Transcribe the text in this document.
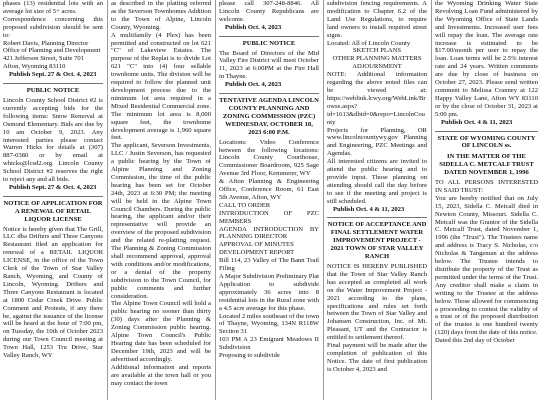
phases (13) residential lots with an average lot size of 5+ acres.

Correspondence concerning this proposed subdivision should be sent to:

Robert Davis, Planning Director

Office of Planning and Development

421 Jefferson Street, Suite 701

Afton, Wyoming 83110

Publish Sept. 27 & Oct. 4, 2023

PUBLIC NOTICE

Lincoln County School District #2 is currently accepting bids for the following items: Snow Removal at Osmond Elementary. Bids are due by 10 am October 9, 2023. Any interested parties please contact Warren Hicks for details at (307) 887-0380 or by email at whicks@lcsd2.org. Lincoln County School District #2 reserves the right to reject any and all bids.

Publish Sept. 27 & Oct. 4, 2023

NOTICE OF APPLICATION FOR A RENEWAL OF RETAIL LIQUOR LICENSE

Notice is hereby given that The Grill, LLC dba Drifters and Three Canyons Restaurant filed an application for renewal of a RETAIL LIQUOR LICENSE, in the office of the Town Clerk of the Town of Star Valley Ranch, Wyoming, and County of Lincoln, Wyoming. Drifters and Three Canyons Restaurant is located at 1800 Cedar Creek Drive. Public Comment and Protests, if any there be, against the issuance of the license will be heard at the hour of 7:00 pm, on Tuesday, the 10th of October 2023 during our Town Council meeting at Town Hall, 1253 Tru Drive, Star Valley Ranch, WY

as described in the platting referred as the Severson Townhomes Addition to the Town of Alpine, Lincoln County, Wyoming.

A multifamily (4 Plex) has been permitted and constructed on lot 621 "C" of Lakeview Estates. The purpose of the Replat is to divide Lot 621 "C" into (4) four sellable townhome units. The division will be required to follow the planned unit development process due to the minimum lot area required in a Mixed Residential Commercial zone. The minimum lot area is 8,000 square feet, the townhome development average is 1,960 square feet.

The applicant, Severson Investments, LLC / Justin Severson, has requested a public hearing by the Town of Alpine Planning and Zoning Commission, the time of the public hearing has been set for October 24th, 2023 at 6:30 PM; the meeting will be held in the Alpine Town Council Chambers. During the public hearing, the applicant and/or their representative will provide an overview of the proposed subdivision and the related re-platting request. The Planning & Zoning Commission shall recommend approval, approval with conditions and/or modifications, or a denial of the property subdivision to the Town Council, for public comments and further consideration.

The Alpine Town Council will hold a public hearing no sooner than thirty (30) days after the Planning & Zoning Commission public hearing. Alpine Town Council's Public Hearing date has been scheduled for December 19th, 2023 and will be advertised accordingly.

Additional information and reports are available at the town hall or you may contact the town

please call 307-248-8846. All Lincoln County Republicans are welcome.

Publish Oct. 4, 2023

PUBLIC NOTICE

The Board of Directors of the Mid Valley Fire District will meet October 11, 2023 at 6:00PM at the Fire Hall in Thayne.

Publish Oct. 4, 2023

TENTATIVE AGENDA LINCOLN COUNTY PLANNING AND ZONING COMMISSION (PZC) WEDNESDAY, OCTOBER 18, 2023 6:00 P.M.

Locations: Video Conference between the following locations: Lincoln County Courthouse, Commissioner Boardroom, 925 Sage Avenue 3rd Floor, Kemmerer, WY

& Afton Planning & Engineering Office, Conference Room, 61 East 5th Avenue, Afton, WY

CALL TO ORDER

INTRODUCTION OF PZC MEMBERS

AGENDA INTRODUCTION BY PLANNING DIRECTOR

APPROVAL OF MINUTES

DEVELOPMENT REPORT

Bill 114, 23 Valley of The Bann Trail Filing

A Major Subdivision Preliminary Plat Application to subdivide approximately 36 acres into 8 residential lots in the Rural zone with a 4.5 acre average for this phase.

Located 2 miles southeast of the town of Thayne, Wyoming, 134N R118W Section 31

103 PM A 23 Emigrant Meadows II Subdivision

Proposing to subdivide

subdivision fencing requirements. A modification to Chapter 6.2 of the Land Use Regulations, to require land owners to install required street signs.

Located: All of Lincoln County

SKETCH PLANS

OTHER PLANNING MATTERS

ADJOURNMENT

NOTE: Additional information regarding the above noted files can be viewed at: https://weblink.lcwy.org/WebLink/Browse.aspx?id=1613&dbid=0&repo=LincolnCounty

Projects for Planning, OR www.lincolncountywy.gov Planning and Engineering, PZC Meetings and Agendas.

All interested citizens are invited to attend the public hearing and to provide input. Those planning on attending should call the day before to see if the meeting and project is still scheduled.

Publish Oct. 4 & 11, 2023

NOTICE OF ACCEPTANCE AND FINAL SETTLEMENT WATER IMPROVEMENT PROJECT - 2021 TOWN OF STAR VALLEY RANCH

NOTICE IS HEREBY PUBLISHED that the Town of Star Valley Ranch has accepted as completed all work on the Water Improvement Project - 2021 according to the plans, specifications and rules set forth between the Town of Star Valley and Johansen Construction, Inc. of Mt. Pleasant, UT and the Contractor is entitled to settlement thereof.

Final payment will be made after the completion of publication of this Notice. The date of first publication is October 4, 2023 and

the Wyoming Drinking Water State Revolving Loan Fund administered by the Wyoming Office of State Lands and Investments. Increased user fees will repay the loan. The average rate increase is estimated to be $17.00/month per user to repay the loan. Loan terms will be 2.5% interest rate and 24 years. Written comments are due by close of business on October 27, 2023. Please send written comment to Melissa Cranney at 122 Happy Valley Lane, Afton WY 83110 or by the close of October 31, 2023 at 5:00 pm.

Publish Oct. 4 & 11, 2023

STATE OF WYOMING COUNTY OF LINCOLN ss.

IN THE MATTER OF THE SIDELLA C. METCALF TRUST DATED NOVEMBER 1, 1996

TO ALL PERSONS INTERESTED IN SAID TRUST:

You are hereby notified that on July 15, 2023, Sidella C. Metcalf died in Newton County, Missouri. Sidella C. Metcalf was the Grantor of the Sidella C. Metcalf Trust, dated November 1, 1996 (the "Trust"). The Trustees name and address is Tracy S. Nicholas, c/o Nicholas & Tangeman at the address below. The Trustee intends to distribute the property of the Trust as permitted under the terms of the Trust. Any creditor shall make a claim in writing to the Trustee at the address below. Those allowed for commencing a proceeding to contest the validity of a trust or of the proposed distribution of the trustee is one hundred twenty (120) days from the date of this notice.

Dated this 2nd day of October
